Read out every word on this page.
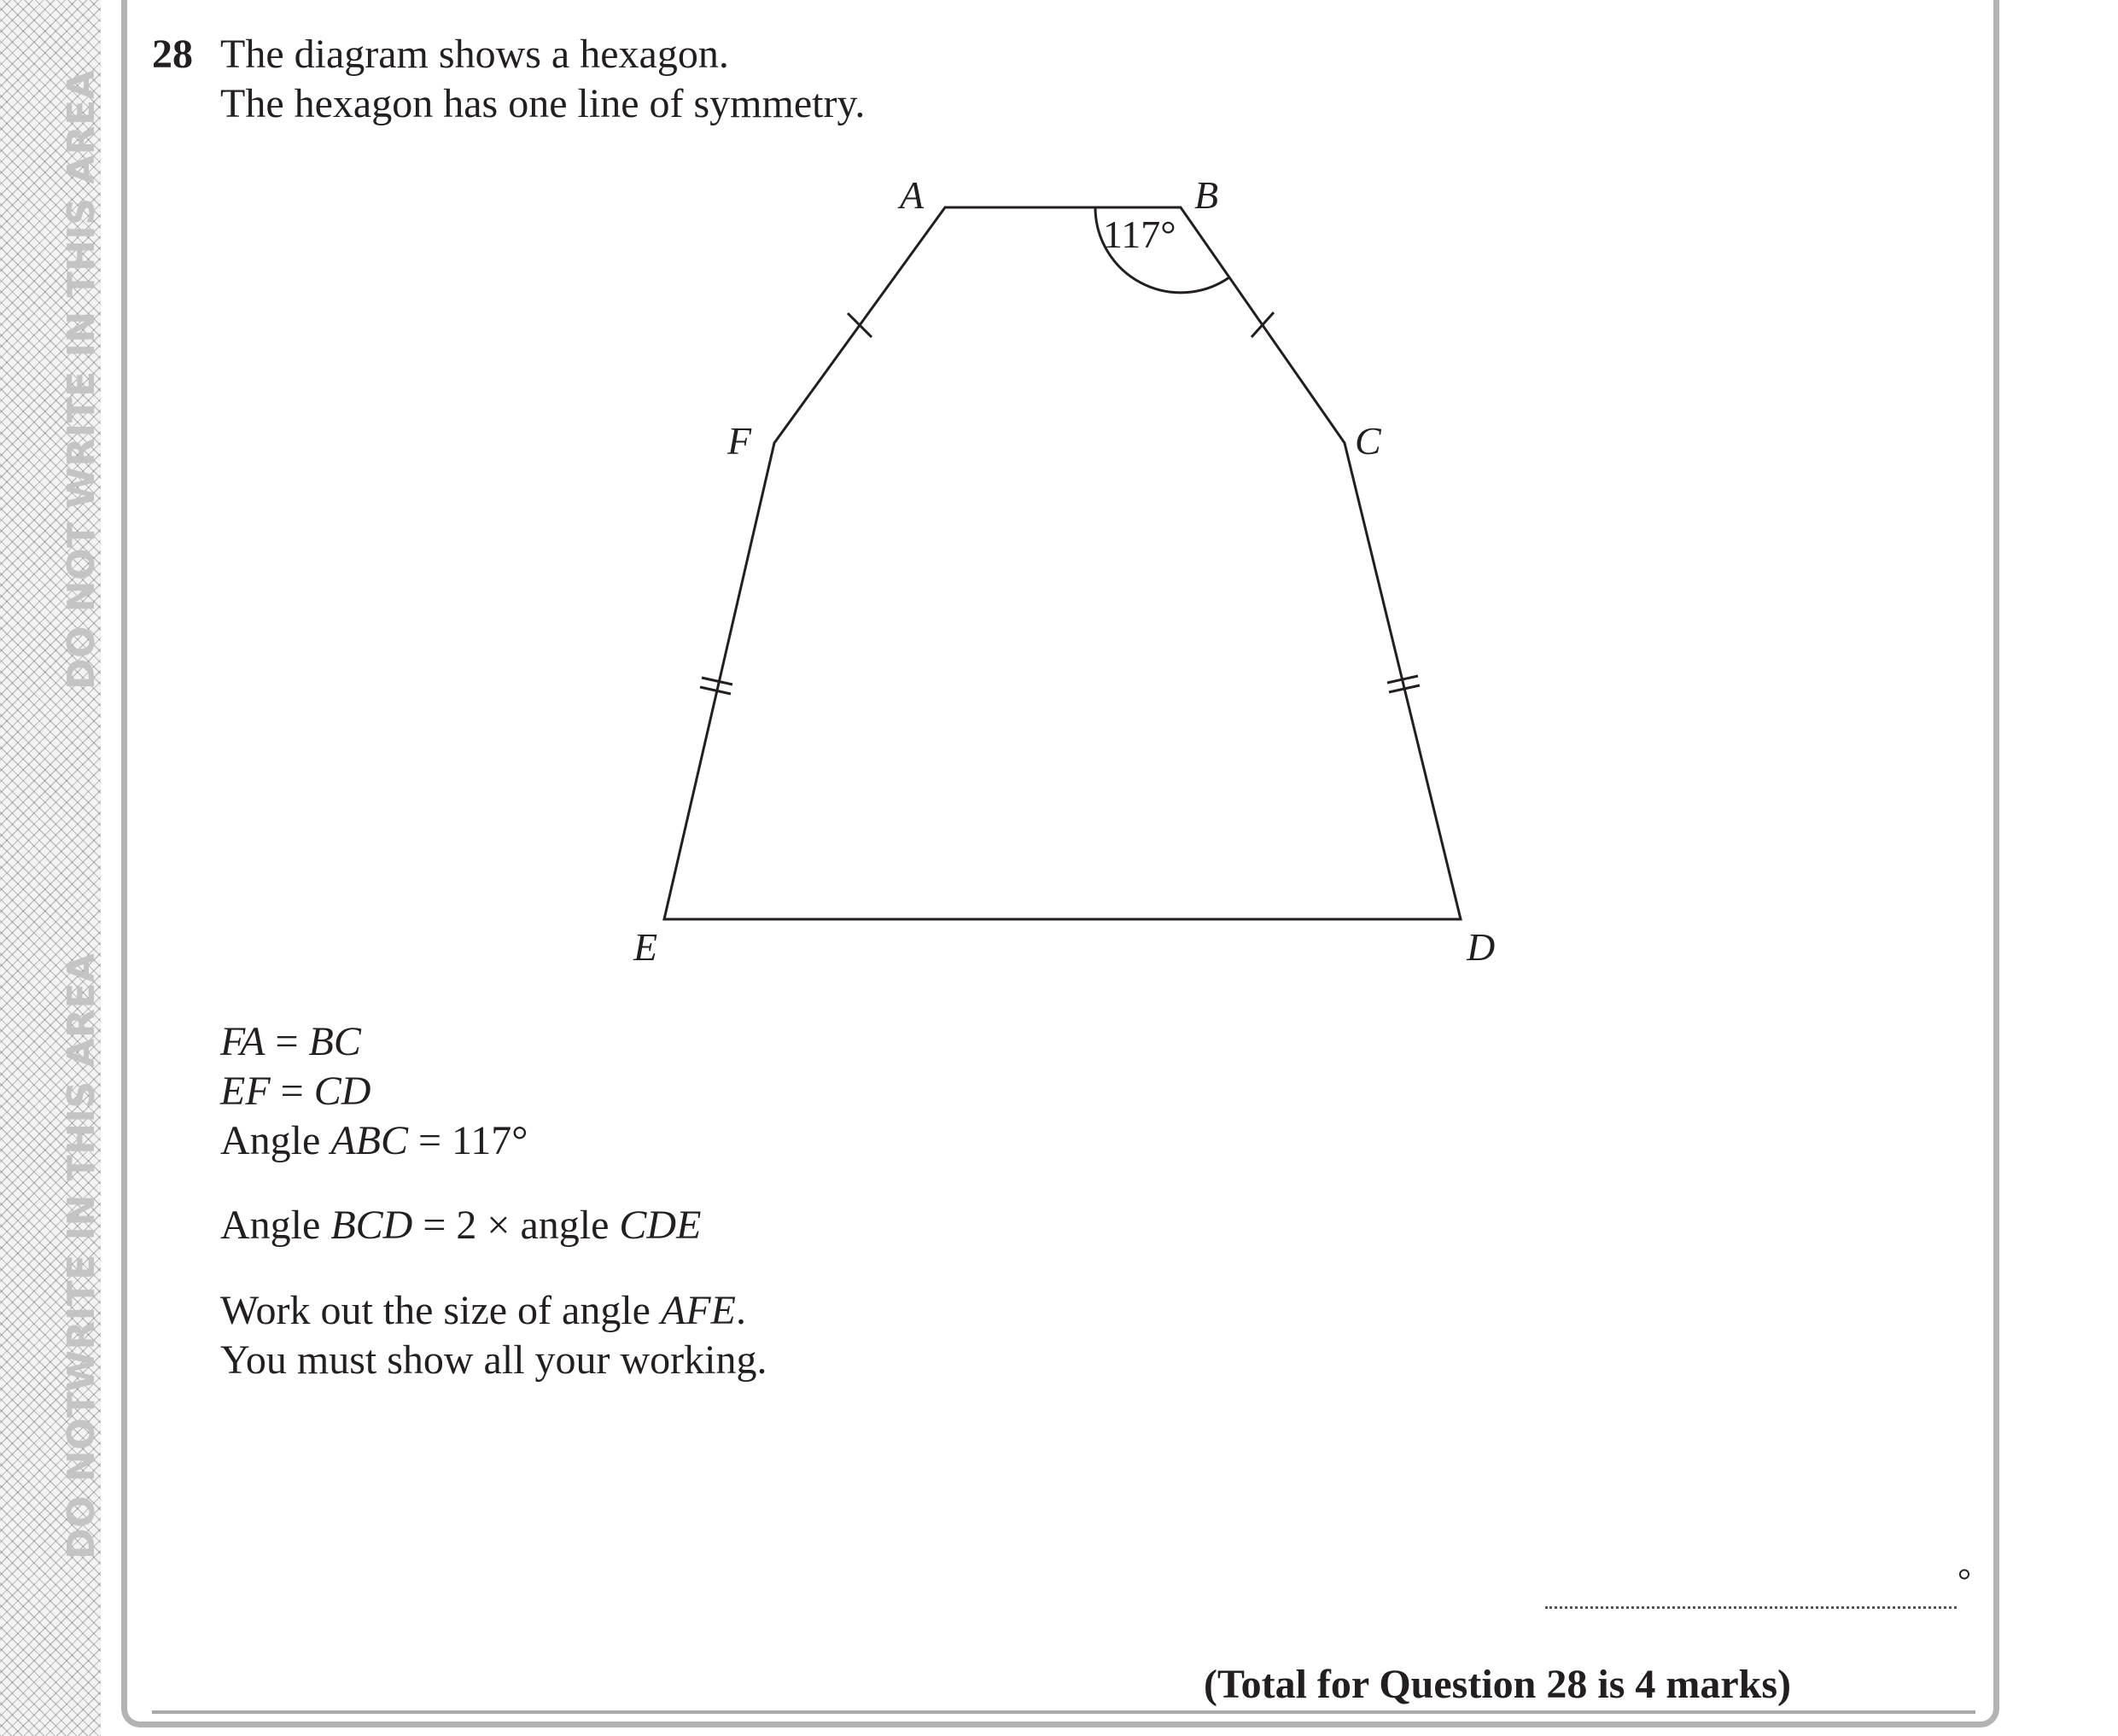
DO NOT WRITE IN THIS AREA
DO NOTWRITE IN THIS AREA
28 The diagram shows a hexagon.
The hexagon has one line of symmetry.
A	B
C
D
E
F
117°
FA = BC
EF = CD
Angle ABC = 117°
Angle BCD = 2 × angle CDE
Work out the size of angle AFE.
You must show all your working.
°
(Total for Question 28 is 4 marks)
